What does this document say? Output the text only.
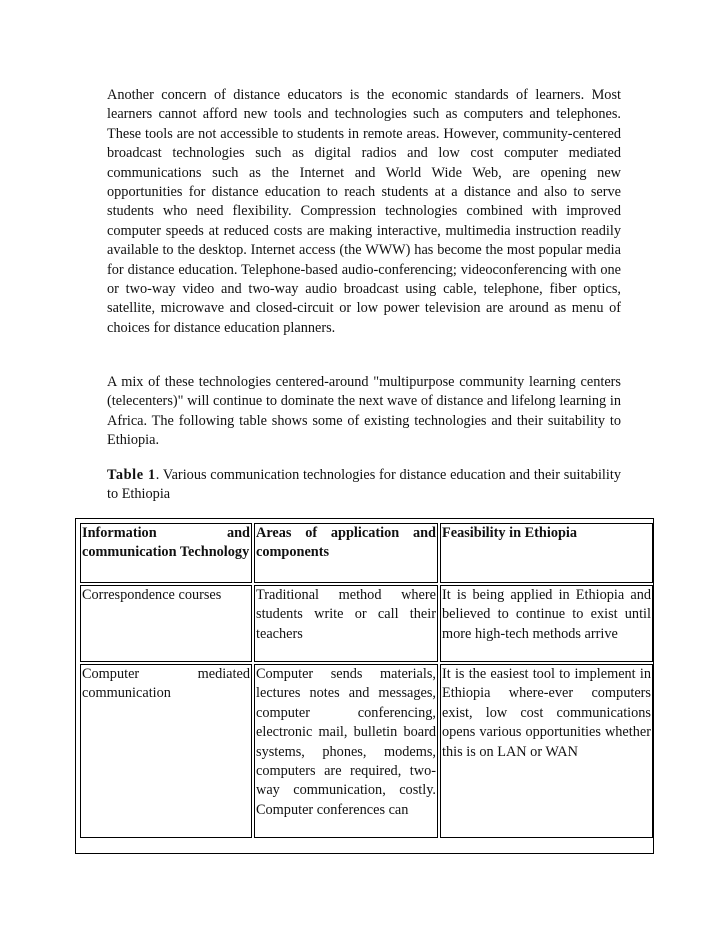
Another concern of distance educators is the economic standards of learners. Most learners cannot afford new tools and technologies such as computers and telephones. These tools are not accessible to students in remote areas. However, community-centered broadcast technologies such as digital radios and low cost computer mediated communications such as the Internet and World Wide Web, are opening new opportunities for distance education to reach students at a distance and also to serve students who need flexibility. Compression technologies combined with improved computer speeds at reduced costs are making interactive, multimedia instruction readily available to the desktop. Internet access (the WWW) has become the most popular media for distance education. Telephone-based audio-conferencing; videoconferencing with one or two-way video and two-way audio broadcast using cable, telephone, fiber optics, satellite, microwave and closed-circuit or low power television are around as menu of choices for distance education planners.

A mix of these technologies centered-around "multipurpose community learning centers (telecenters)" will continue to dominate the next wave of distance and lifelong learning in Africa. The following table shows some of existing technologies and their suitability to Ethiopia.

Table 1. Various communication technologies for distance education and their suitability to Ethiopia

Information and communication Technology	Areas of application and components	Feasibility in Ethiopia
Correspondence courses	Traditional method where students write or call their teachers	It is being applied in Ethiopia and believed to continue to exist until more high-tech methods arrive
Computer mediated communication	Computer sends materials, lectures notes and messages, computer conferencing, electronic mail, bulletin board systems, phones, modems, computers are required, two-way communication, costly. Computer conferences can	It is the easiest tool to implement in Ethiopia where-ever computers exist, low cost communications opens various opportunities whether this is on LAN or WAN
